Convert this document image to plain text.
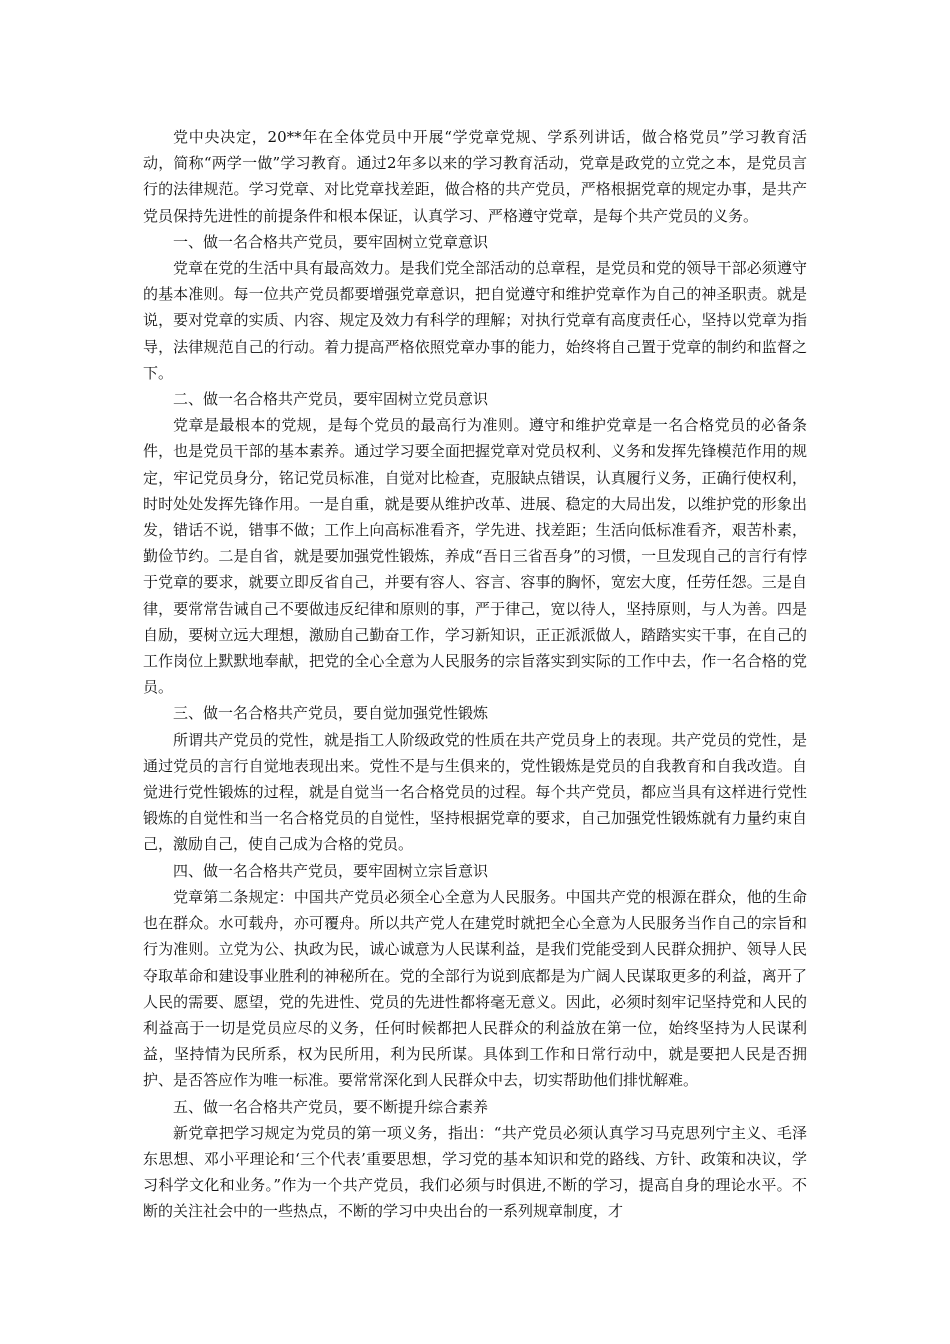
党中央决定，20**年在全体党员中开展“学党章党规、学系列讲话，做合格党员”学习教育活动，简称“两学一做”学习教育。通过2年多以来的学习教育活动，党章是政党的立党之本，是党员言行的法律规范。学习党章、对比党章找差距，做合格的共产党员，严格根据党章的规定办事，是共产党员保持先进性的前提条件和根本保证，认真学习、严格遵守党章，是每个共产党员的义务。

一、做一名合格共产党员，要牢固树立党章意识

党章在党的生活中具有最高效力。是我们党全部活动的总章程，是党员和党的领导干部必须遵守的基本准则。每一位共产党员都要增强党章意识，把自觉遵守和维护党章作为自己的神圣职责。就是说，要对党章的实质、内容、规定及效力有科学的理解；对执行党章有高度责任心，坚持以党章为指导，法律规范自己的行动。着力提高严格依照党章办事的能力，始终将自己置于党章的制约和监督之下。

二、做一名合格共产党员，要牢固树立党员意识

党章是最根本的党规，是每个党员的最高行为准则。遵守和维护党章是一名合格党员的必备条件，也是党员干部的基本素养。通过学习要全面把握党章对党员权利、义务和发挥先锋模范作用的规定，牢记党员身分，铭记党员标准，自觉对比检查，克服缺点错误，认真履行义务，正确行使权利，时时处处发挥先锋作用。一是自重，就是要从维护改革、进展、稳定的大局出发，以维护党的形象出发，错话不说，错事不做；工作上向高标准看齐，学先进、找差距；生活向低标准看齐，艰苦朴素，勤俭节约。二是自省，就是要加强党性锻炼，养成“吾日三省吾身”的习惯，一旦发现自己的言行有悖于党章的要求，就要立即反省自己，并要有容人、容言、容事的胸怀，宽宏大度，任劳任怨。三是自律，要常常告诫自己不要做违反纪律和原则的事，严于律己，宽以待人，坚持原则，与人为善。四是自励，要树立远大理想，激励自己勤奋工作，学习新知识，正正派派做人，踏踏实实干事，在自己的工作岗位上默默地奉献，把党的全心全意为人民服务的宗旨落实到实际的工作中去，作一名合格的党员。

三、做一名合格共产党员，要自觉加强党性锻炼

所谓共产党员的党性，就是指工人阶级政党的性质在共产党员身上的表现。共产党员的党性，是通过党员的言行自觉地表现出来。党性不是与生俱来的，党性锻炼是党员的自我教育和自我改造。自觉进行党性锻炼的过程，就是自觉当一名合格党员的过程。每个共产党员，都应当具有这样进行党性锻炼的自觉性和当一名合格党员的自觉性，坚持根据党章的要求，自己加强党性锻炼就有力量约束自己，激励自己，使自己成为合格的党员。

四、做一名合格共产党员，要牢固树立宗旨意识

党章第二条规定：中国共产党员必须全心全意为人民服务。中国共产党的根源在群众，他的生命也在群众。水可载舟，亦可覆舟。所以共产党人在建党时就把全心全意为人民服务当作自己的宗旨和行为准则。立党为公、执政为民，诚心诚意为人民谋利益，是我们党能受到人民群众拥护、领导人民夺取革命和建设事业胜利的神秘所在。党的全部行为说到底都是为广阔人民谋取更多的利益，离开了人民的需要、愿望，党的先进性、党员的先进性都将毫无意义。因此，必须时刻牢记坚持党和人民的利益高于一切是党员应尽的义务，任何时候都把人民群众的利益放在第一位，始终坚持为人民谋利益，坚持情为民所系，权为民所用，利为民所谋。具体到工作和日常行动中，就是要把人民是否拥护、是否答应作为唯一标准。要常常深化到人民群众中去，切实帮助他们排忧解难。

五、做一名合格共产党员，要不断提升综合素养

新党章把学习规定为党员的第一项义务，指出：“共产党员必须认真学习马克思列宁主义、毛泽东思想、邓小平理论和‘三个代表’重要思想，学习党的基本知识和党的路线、方针、政策和决议，学习科学文化和业务。”作为一个共产党员，我们必须与时俱进,不断的学习，提高自身的理论水平。不断的关注社会中的一些热点，不断的学习中央出台的一系列规章制度，才
